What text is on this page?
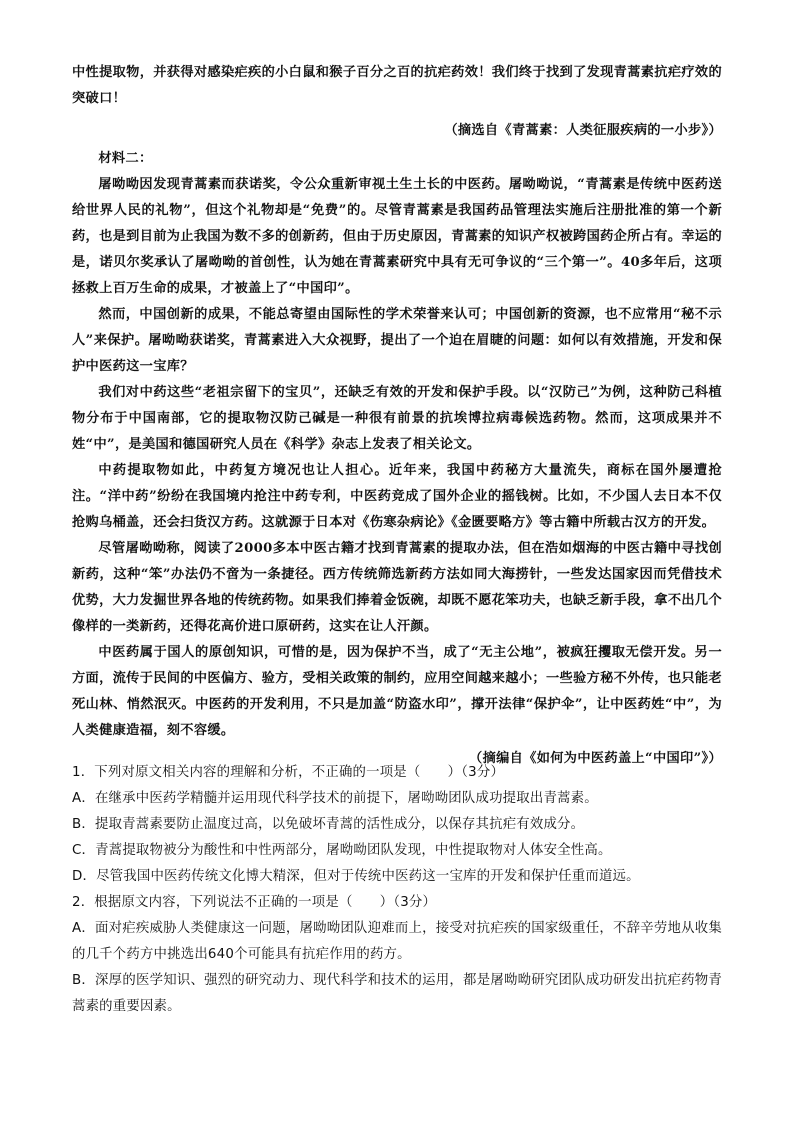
中性提取物，并获得对感染疟疾的小白鼠和猴子百分之百的抗疟药效！我们终于找到了发现青蒿素抗疟疗效的突破口！

（摘选自《青蒿素：人类征服疾病的一小步》）

材料二：

屠呦呦因发现青蒿素而获诺奖，令公众重新审视土生土长的中医药。屠呦呦说，“青蒿素是传统中医药送给世界人民的礼物”，但这个礼物却是“免费”的。尽管青蒿素是我国药品管理法实施后注册批准的第一个新药，也是到目前为止我国为数不多的创新药，但由于历史原因，青蒿素的知识产权被跨国药企所占有。幸运的是，诺贝尔奖承认了屠呦呦的首创性，认为她在青蒿素研究中具有无可争议的“三个第一”。40多年后，这项拯救上百万生命的成果，才被盖上了“中国印”。

然而，中国创新的成果，不能总寄望由国际性的学术荣誉来认可；中国创新的资源，也不应常用“秘不示人”来保护。屠呦呦获诺奖，青蒿素进入大众视野，提出了一个迫在眉睫的问题：如何以有效措施，开发和保护中医药这一宝库？

我们对中药这些“老祖宗留下的宝贝”，还缺乏有效的开发和保护手段。以“汉防己”为例，这种防己科植物分布于中国南部，它的提取物汉防己碱是一种很有前景的抗埃博拉病毒候选药物。然而，这项成果并不姓“中”，是美国和德国研究人员在《科学》杂志上发表了相关论文。

中药提取物如此，中药复方境况也让人担心。近年来，我国中药秘方大量流失，商标在国外屡遭抢注。“洋中药”纷纷在我国境内抢注中药专利，中医药竞成了国外企业的摇钱树。比如，不少国人去日本不仅抢购乌桶盖，还会扫货汉方药。这就源于日本对《伤寒杂病论》《金匮要略方》等古籍中所载古汉方的开发。

尽管屠呦呦称，阅读了2000多本中医古籍才找到青蒿素的提取办法，但在浩如烟海的中医古籍中寻找创新药，这种“笨”办法仍不啻为一条捷径。西方传统筛选新药方法如同大海捞针，一些发达国家因而凭借技术优势，大力发掘世界各地的传统药物。如果我们捧着金饭碗，却既不愿花笨功夫，也缺乏新手段，拿不出几个像样的一类新药，还得花高价进口原研药，这实在让人汗颜。

中医药属于国人的原创知识，可惜的是，因为保护不当，成了“无主公地”，被疯狂攫取无偿开发。另一方面，流传于民间的中医偏方、验方，受相关政策的制约，应用空间越来越小；一些验方秘不外传，也只能老死山林、悄然泯灭。中医药的开发利用，不只是加盖“防盗水印”，撑开法律“保护伞”，让中医药姓“中”，为人类健康造福，刻不容缓。

（摘编自《如何为中医药盖上“中国印”》）

1．下列对原文相关内容的理解和分析，不正确的一项是（　　）（3分）

A．在继承中医药学精髓并运用现代科学技术的前提下，屠呦呦团队成功提取出青蒿素。

B．提取青蒿素要防止温度过高，以免破坏青蒿的活性成分，以保存其抗疟有效成分。

C．青蒿提取物被分为酸性和中性两部分，屠呦呦团队发现，中性提取物对人体安全性高。

D．尽管我国中医药传统文化博大精深，但对于传统中医药这一宝库的开发和保护任重而道远。

2．根据原文内容，下列说法不正确的一项是（　　）（3分）

A．面对疟疾威胁人类健康这一问题，屠呦呦团队迎难而上，接受对抗疟疾的国家级重任，不辞辛劳地从收集的几千个药方中挑选出640个可能具有抗疟作用的药方。

B．深厚的医学知识、强烈的研究动力、现代科学和技术的运用，都是屠呦呦研究团队成功研发出抗疟药物青蒿素的重要因素。
